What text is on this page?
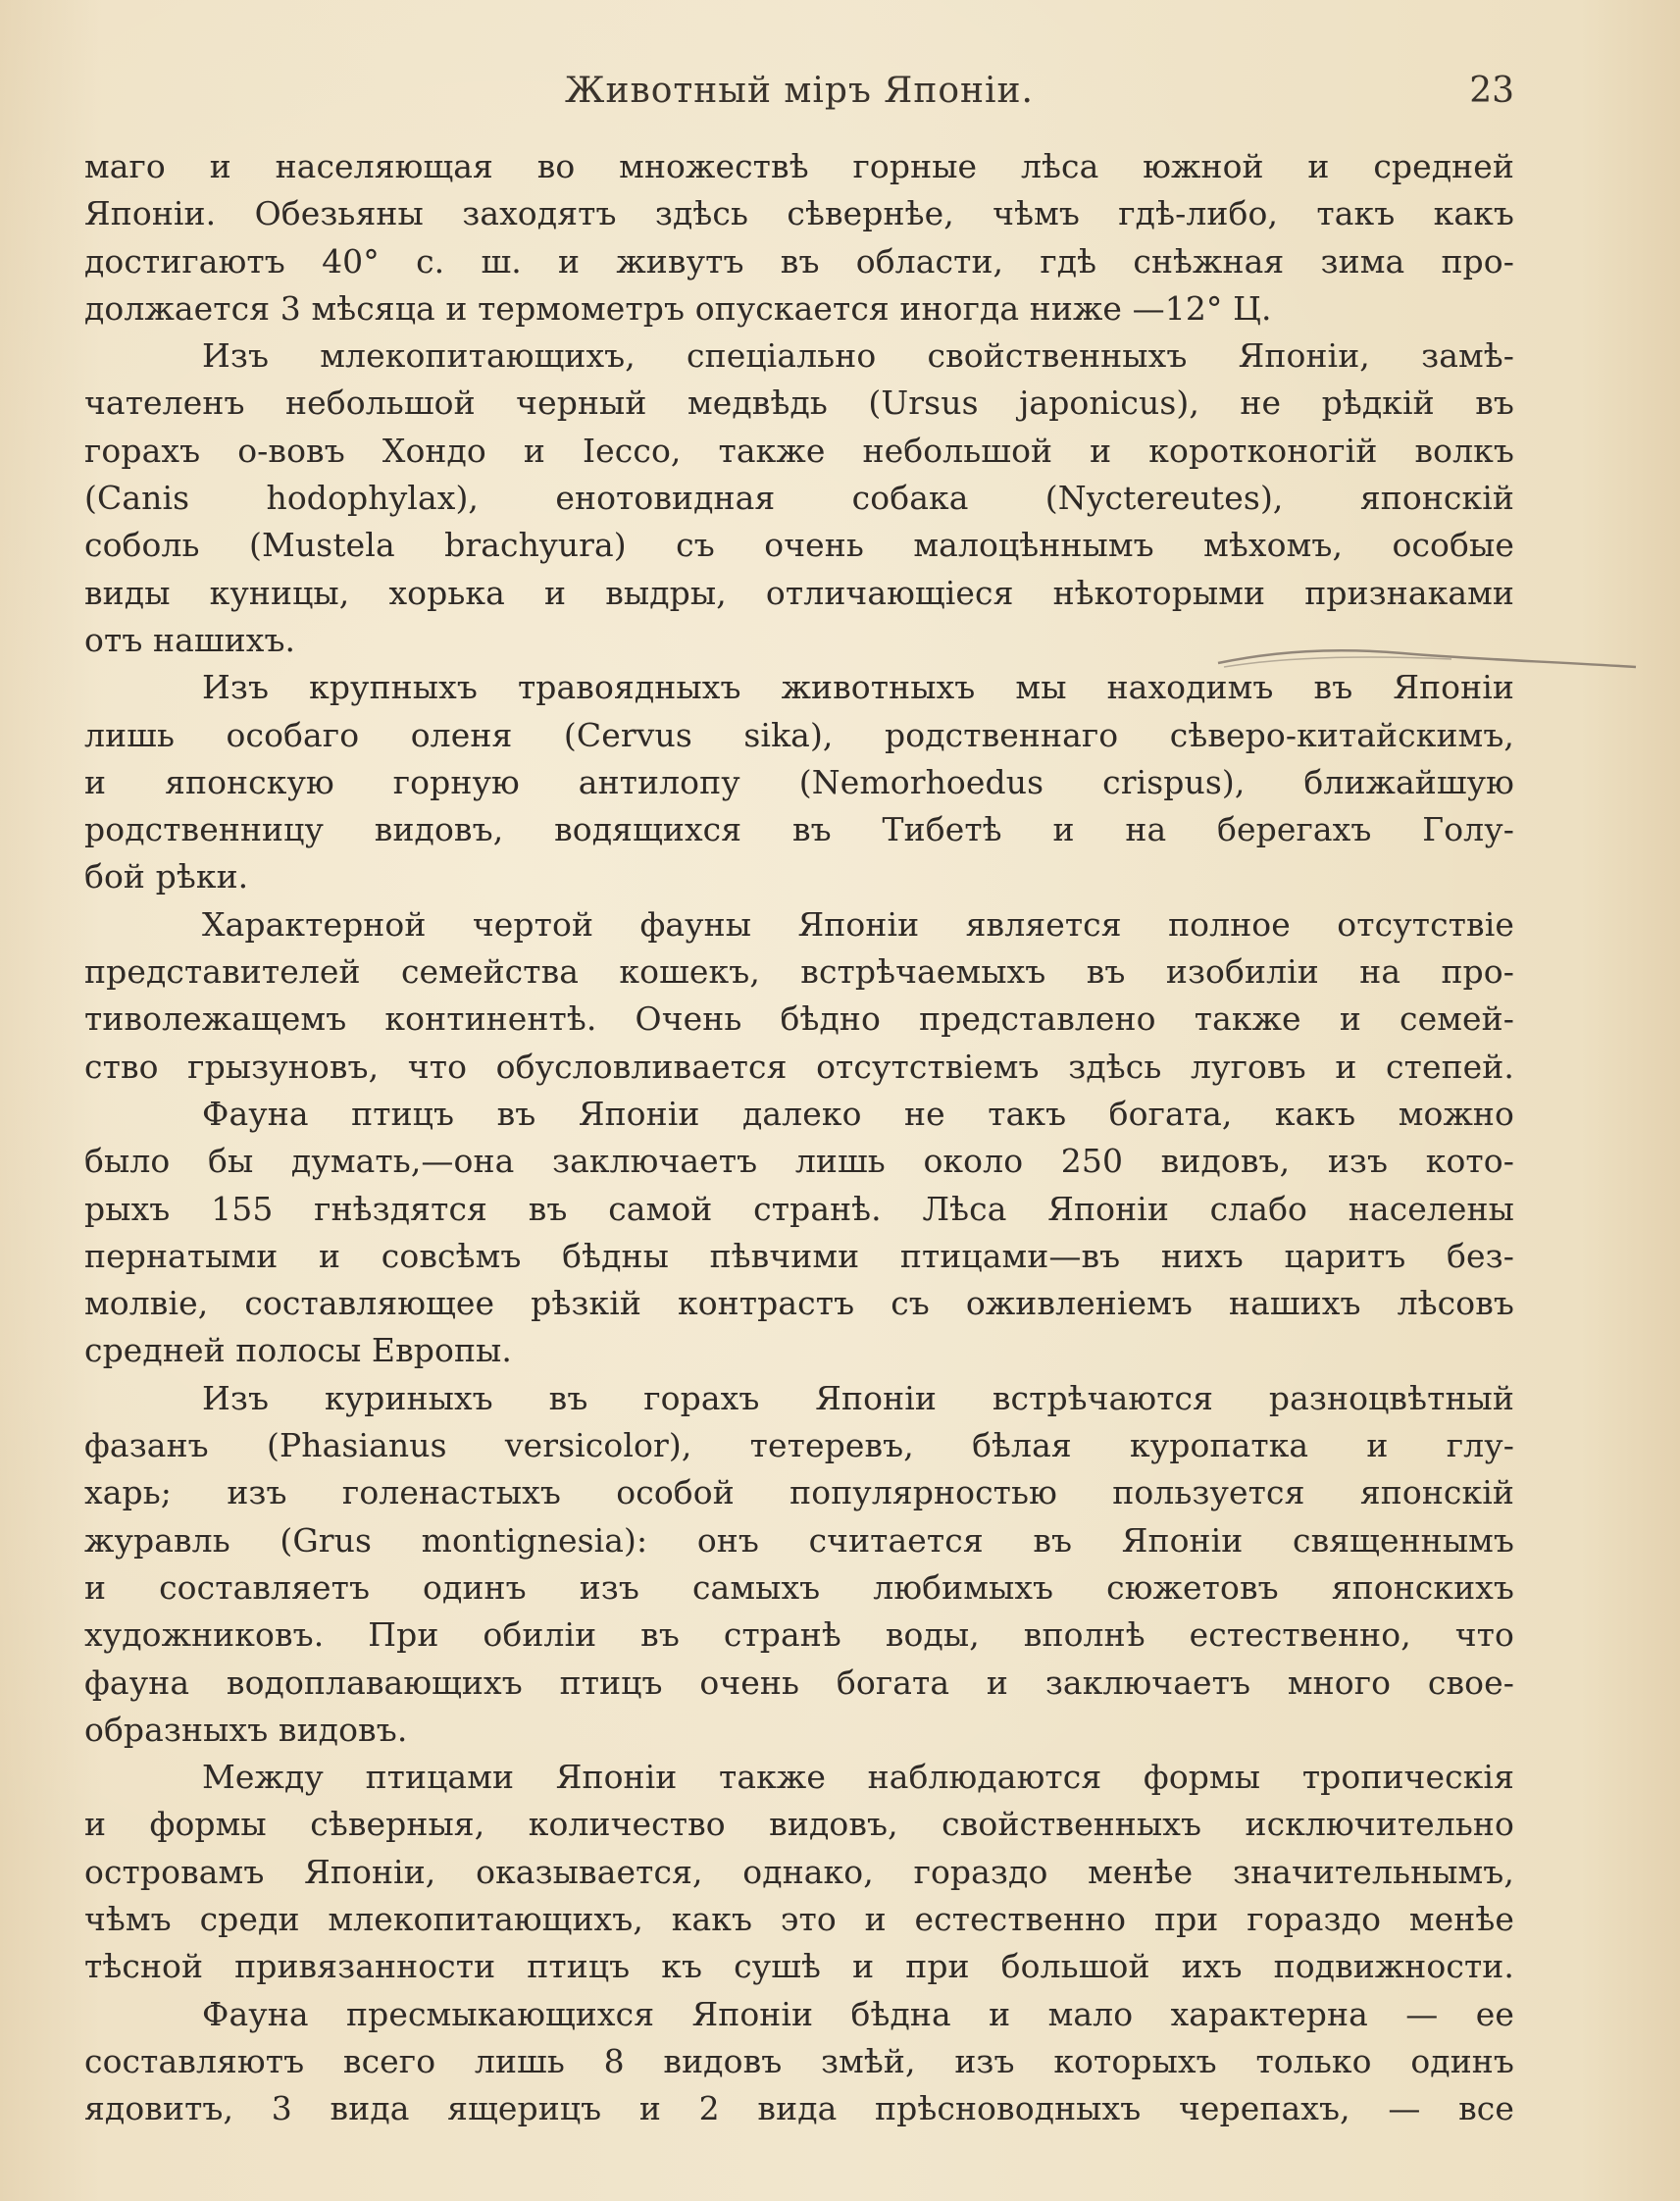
Животный міръ Японіи.	23
маго и населяющая во множествѣ горные лѣса южной и средней
Японіи. Обезьяны заходятъ здѣсь сѣвернѣе, чѣмъ гдѣ-либо, такъ какъ
достигаютъ 40° с. ш. и живутъ въ области, гдѣ снѣжная зима про-
должается 3 мѣсяца и термометръ опускается иногда ниже —12° Ц.
Изъ млекопитающихъ, спеціально свойственныхъ Японіи, замѣ-
чателенъ небольшой черный медвѣдь (Ursus japonicus), не рѣдкій въ
горахъ о-вовъ Хондо и Іессо, также небольшой и коротконогій волкъ
(Canis hodophylax), енотовидная собака (Nyctereutes), японскій
соболь (Mustela brachyura) съ очень малоцѣннымъ мѣхомъ, особые
виды куницы, хорька и выдры, отличающіеся нѣкоторыми признаками
отъ нашихъ.
Изъ крупныхъ травоядныхъ животныхъ мы находимъ въ Японіи
лишь особаго оленя (Cervus sika), родственнаго сѣверо-китайскимъ,
и японскую горную антилопу (Nemorhoedus crispus), ближайшую
родственницу видовъ, водящихся въ Тибетѣ и на берегахъ Голу-
бой рѣки.
Характерной чертой фауны Японіи является полное отсутствіе
представителей семейства кошекъ, встрѣчаемыхъ въ изобиліи на про-
тиволежащемъ континентѣ. Очень бѣдно представлено также и семей-
ство грызуновъ, что обусловливается отсутствіемъ здѣсь луговъ и степей.
Фауна птицъ въ Японіи далеко не такъ богата, какъ можно
было бы думать,—она заключаетъ лишь около 250 видовъ, изъ кото-
рыхъ 155 гнѣздятся въ самой странѣ. Лѣса Японіи слабо населены
пернатыми и совсѣмъ бѣдны пѣвчими птицами—въ нихъ царитъ без-
молвіе, составляющее рѣзкій контрастъ съ оживленіемъ нашихъ лѣсовъ
средней полосы Европы.
Изъ куриныхъ въ горахъ Японіи встрѣчаются разноцвѣтный
фазанъ (Phasianus versicolor), тетеревъ, бѣлая куропатка и глу-
харь; изъ голенастыхъ особой популярностью пользуется японскій
журавль (Grus montignesia): онъ считается въ Японіи священнымъ
и составляетъ одинъ изъ самыхъ любимыхъ сюжетовъ японскихъ
художниковъ. При обиліи въ странѣ воды, вполнѣ естественно, что
фауна водоплавающихъ птицъ очень богата и заключаетъ много свое-
образныхъ видовъ.
Между птицами Японіи также наблюдаются формы тропическія
и формы сѣверныя, количество видовъ, свойственныхъ исключительно
островамъ Японіи, оказывается, однако, гораздо менѣе значительнымъ,
чѣмъ среди млекопитающихъ, какъ это и естественно при гораздо менѣе
тѣсной привязанности птицъ къ сушѣ и при большой ихъ подвижности.
Фауна пресмыкающихся Японіи бѣдна и мало характерна — ее
составляютъ всего лишь 8 видовъ змѣй, изъ которыхъ только одинъ
ядовитъ, 3 вида ящерицъ и 2 вида прѣсноводныхъ черепахъ, — все
